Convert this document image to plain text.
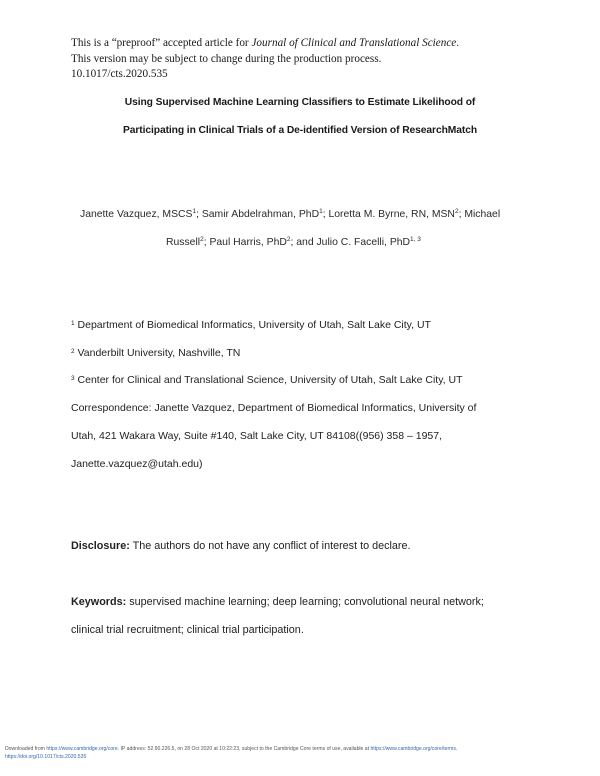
This is a “preproof” accepted article for Journal of Clinical and Translational Science.
This version may be subject to change during the production process.
10.1017/cts.2020.535
Using Supervised Machine Learning Classifiers to Estimate Likelihood of
Participating in Clinical Trials of a De-identified Version of ResearchMatch
Janette Vazquez, MSCS$^1$; Samir Abdelrahman, PhD$^1$; Loretta M. Byrne, RN, MSN$^2$; Michael
Russell$^2$; Paul Harris, PhD$^2$; and Julio C. Facelli, PhD$^{1, 3}$
$^1$ Department of Biomedical Informatics, University of Utah, Salt Lake City, UT
$^2$ Vanderbilt University, Nashville, TN
$^3$ Center for Clinical and Translational Science, University of Utah, Salt Lake City, UT
Correspondence: Janette Vazquez, Department of Biomedical Informatics, University of
Utah, 421 Wakara Way, Suite #140, Salt Lake City, UT 84108((956) 358 – 1957,
Janette.vazquez@utah.edu)
Disclosure: The authors do not have any conflict of interest to declare.
Keywords: supervised machine learning; deep learning; convolutional neural network;
clinical trial recruitment; clinical trial participation.
Downloaded from https://www.cambridge.org/core. IP address: 52.90.226.5, on 28 Oct 2020 at 10:22:23, subject to the Cambridge Core terms of use, available at https://www.cambridge.org/core/terms.
https://doi.org/10.1017/cts.2020.535
